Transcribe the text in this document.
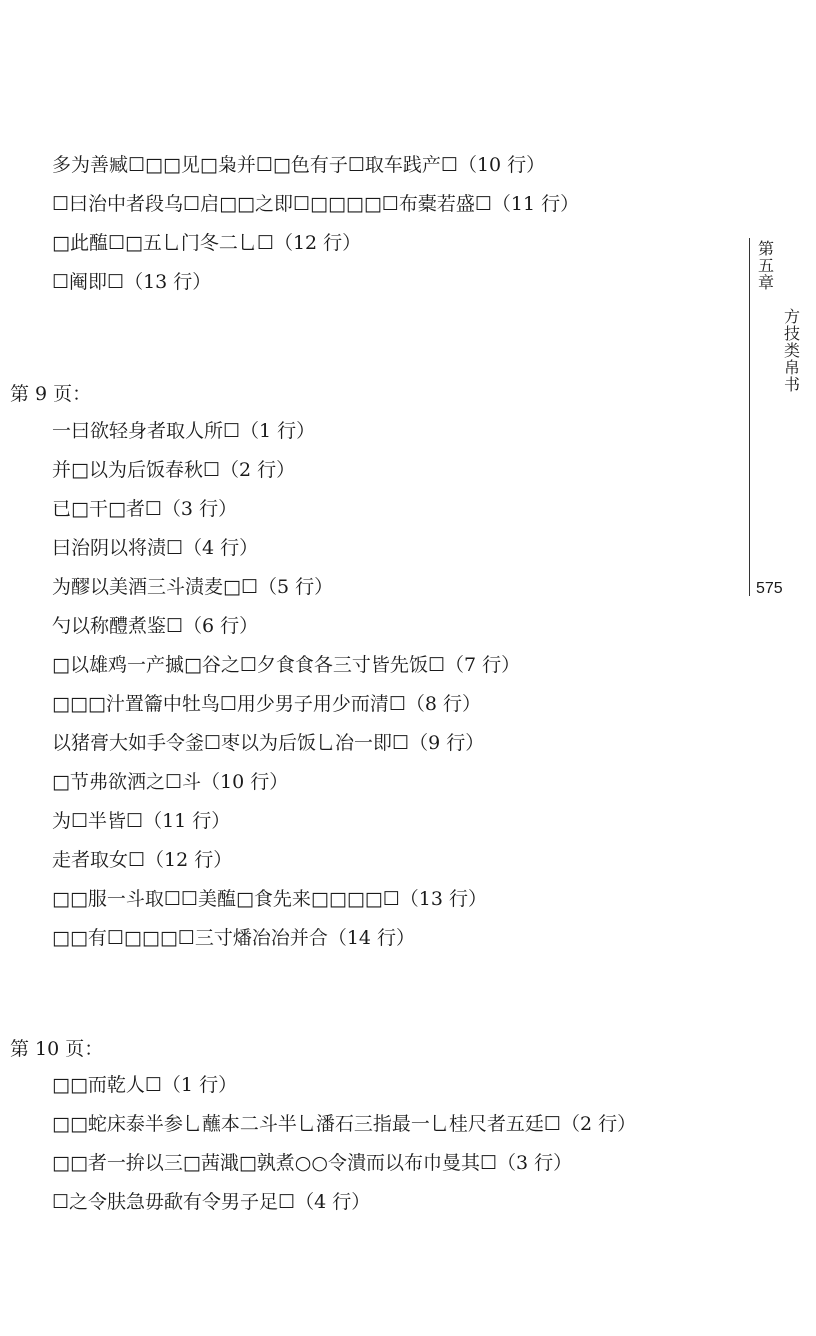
多为善臧☐□□见□枭并☐□色有子☐取车践产☐（10 行）
☐曰治中者段乌☐启□□之即☐□□□□☐布橐若盛☐（11 行）
□此醢☐□五乚门冬二乚☐（12 行）
☐阉即☐（13 行）
第 9 页：
一曰欲轻身者取人所☐（1 行）
并□以为后饭春秋☐（2 行）
已□干□者☐（3 行）
曰治阴以将渍☐（4 行）
为醪以美酒三斗渍麦□☐（5 行）
勺以称醴煮鉴☐（6 行）
□以雄鸡一产摵□谷之☐夕食食各三寸皆先饭☐（7 行）
□□□汁置籥中牡鸟☐用少男子用少而清☐（8 行）
以猪膏大如手令釜☐枣以为后饭乚冶一即☐（9 行）
□节弗欲洒之☐斗（10 行）
为☐半皆☐（11 行）
走者取女☐（12 行）
□□服一斗取☐☐美醢□食先来□□□□☐（13 行）
□□有☐□□□☐三寸燔冶冶并合（14 行）
第 10 页：
□□而乾人☐（1 行）
□□蛇床泰半参乚蘸本二斗半乚潘石三指最一乚桂尺者五廷☐（2 行）
□□者一拚以三□茜濈□孰煮○○令潰而以布巾曼其☐（3 行）
☐之令肤急毋歃有令男子足☐（4 行）
第五章
方技类帛书
575
